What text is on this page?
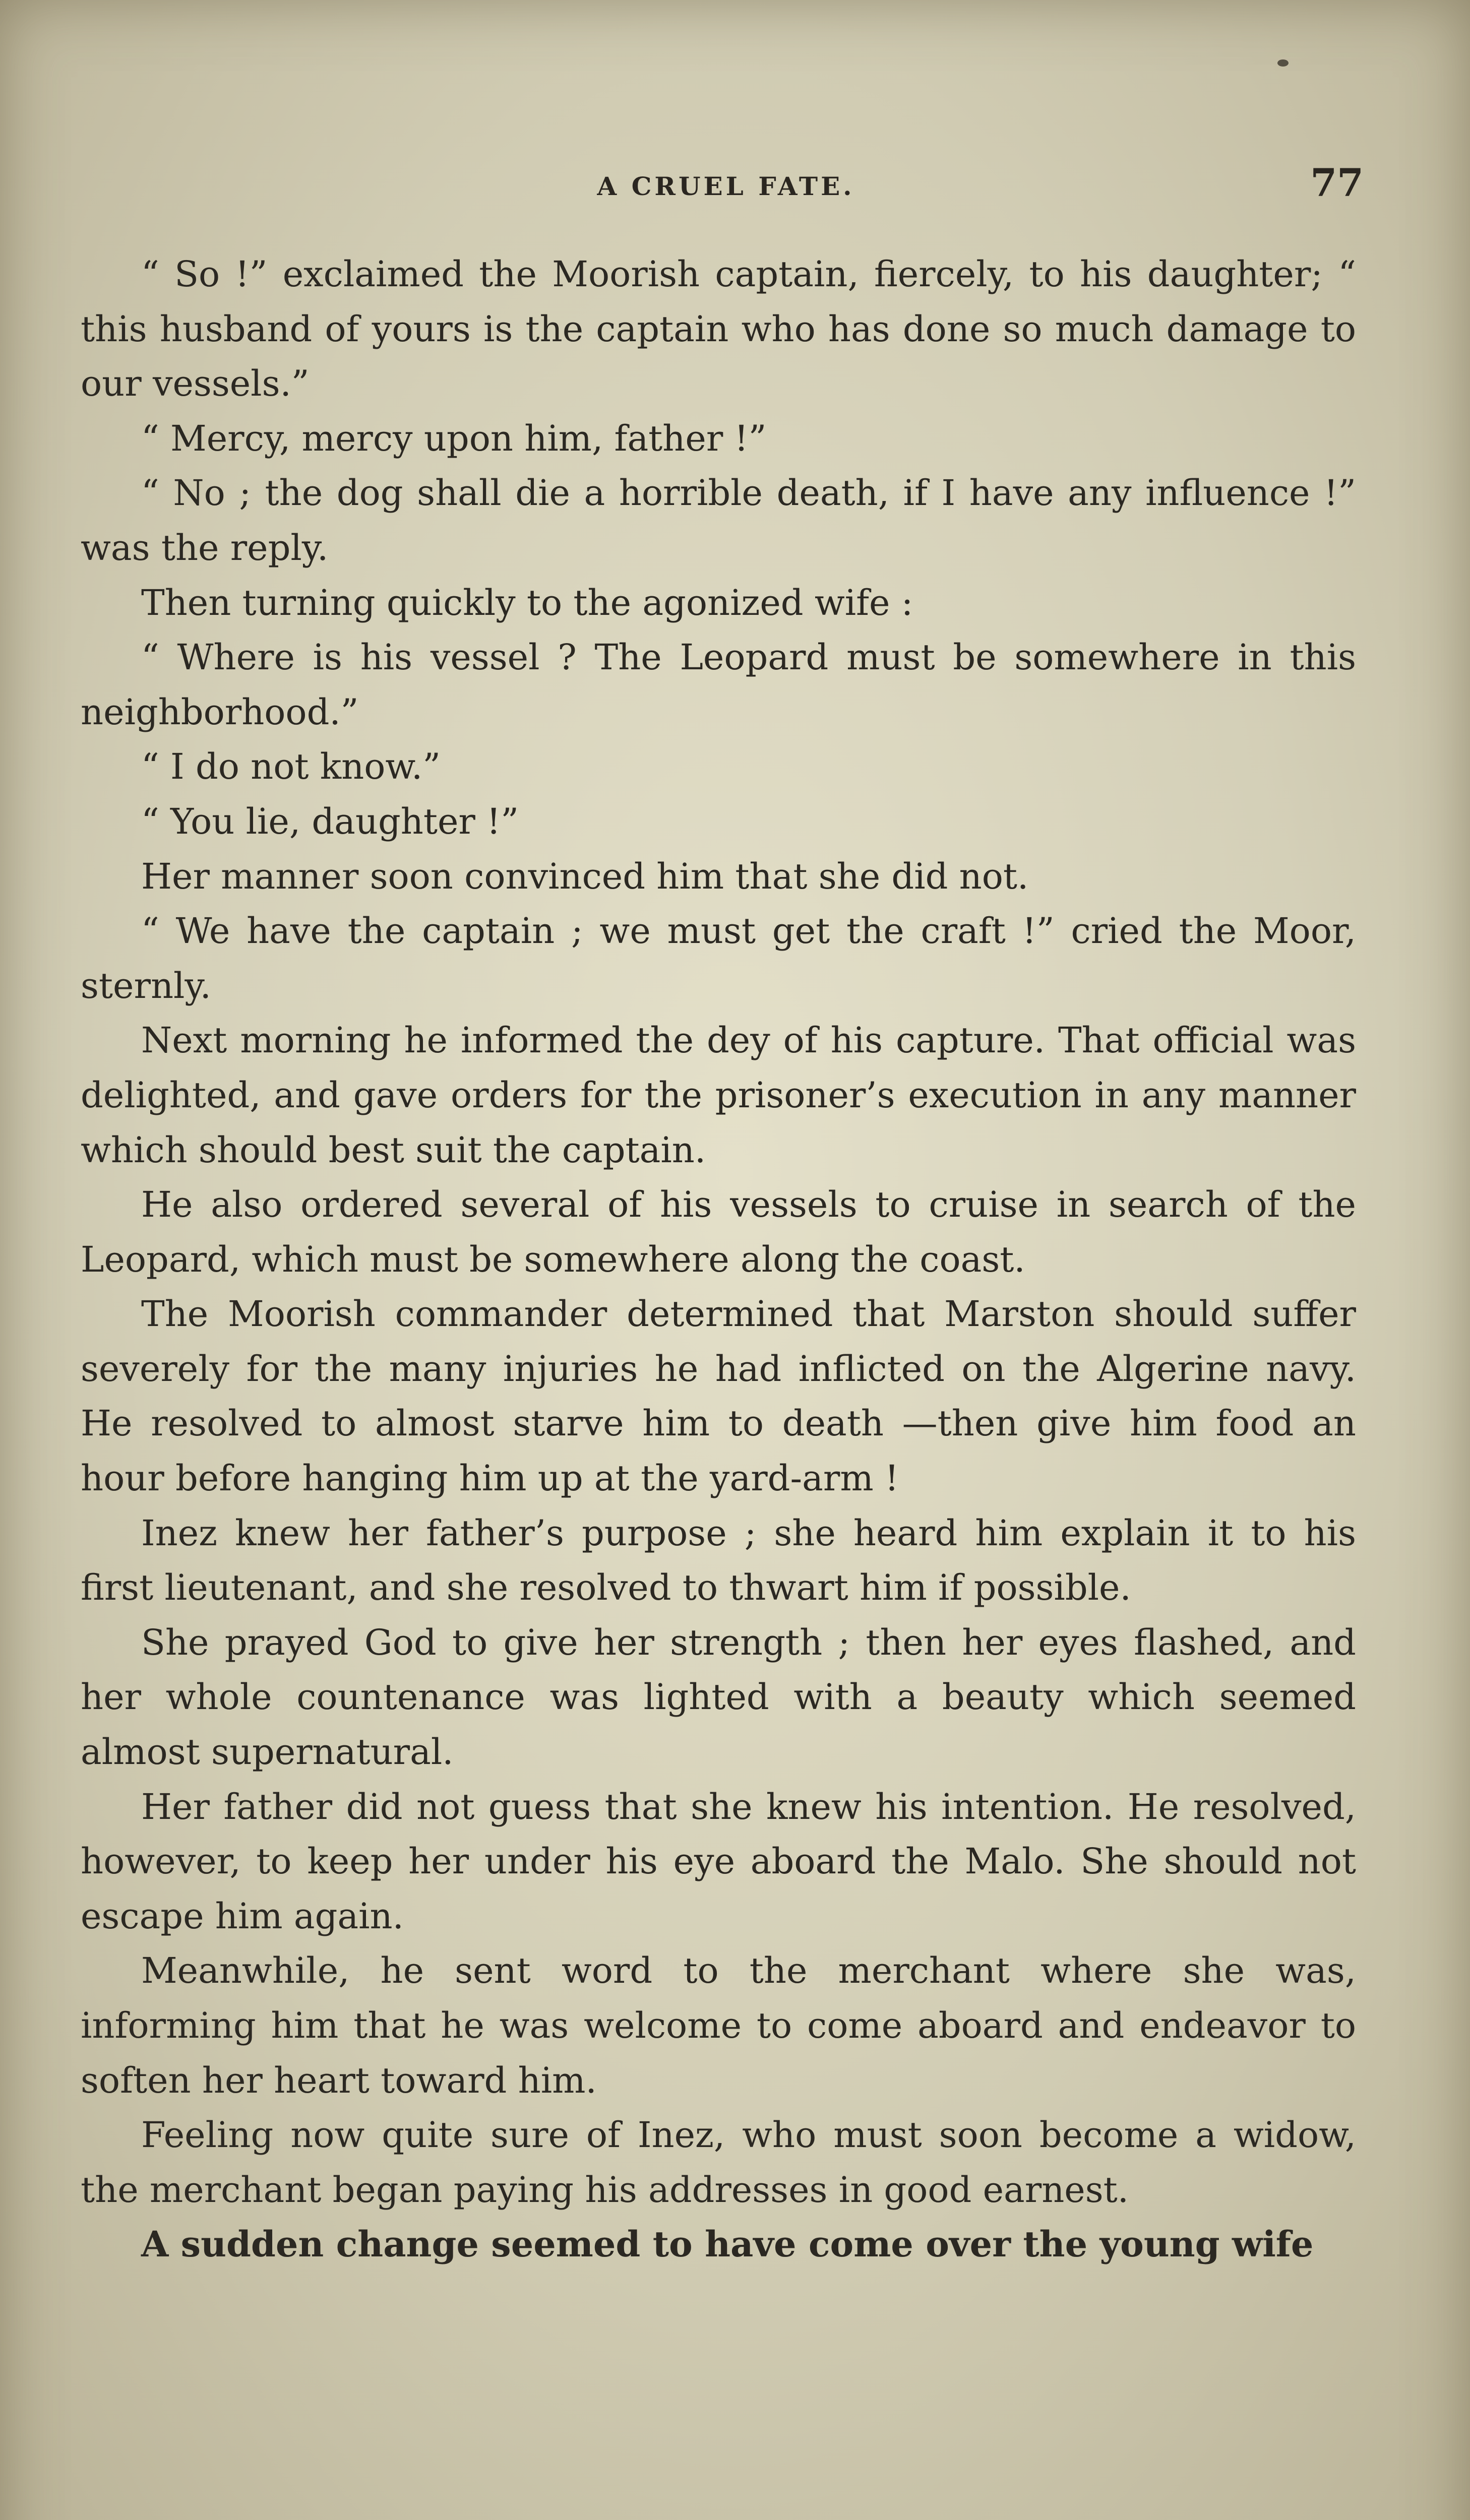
A CRUEL FATE.	77

“ So !” exclaimed the Moorish captain, fiercely, to his daughter; “ this husband of yours is the captain who has done so much damage to our vessels.”

“ Mercy, mercy upon him, father !”

“ No ; the dog shall die a horrible death, if I have any influence !” was the reply.

Then turning quickly to the agonized wife :

“ Where is his vessel ? The Leopard must be somewhere in this neighborhood.”

“ I do not know.”

“ You lie, daughter !”

Her manner soon convinced him that she did not.

“ We have the captain ; we must get the craft !” cried the Moor, sternly.

Next morning he informed the dey of his capture. That official was delighted, and gave orders for the prisoner’s execution in any manner which should best suit the captain.

He also ordered several of his vessels to cruise in search of the Leopard, which must be somewhere along the coast.

The Moorish commander determined that Marston should suffer severely for the many injuries he had inflicted on the Algerine navy. He resolved to almost starve him to death —then give him food an hour before hanging him up at the yard-arm !

Inez knew her father’s purpose ; she heard him explain it to his first lieutenant, and she resolved to thwart him if possible.

She prayed God to give her strength ; then her eyes flashed, and her whole countenance was lighted with a beauty which seemed almost supernatural.

Her father did not guess that she knew his intention. He resolved, however, to keep her under his eye aboard the Malo. She should not escape him again.

Meanwhile, he sent word to the merchant where she was, informing him that he was welcome to come aboard and endeavor to soften her heart toward him.

Feeling now quite sure of Inez, who must soon become a widow, the merchant began paying his addresses in good earnest.

A sudden change seemed to have come over the young wife
